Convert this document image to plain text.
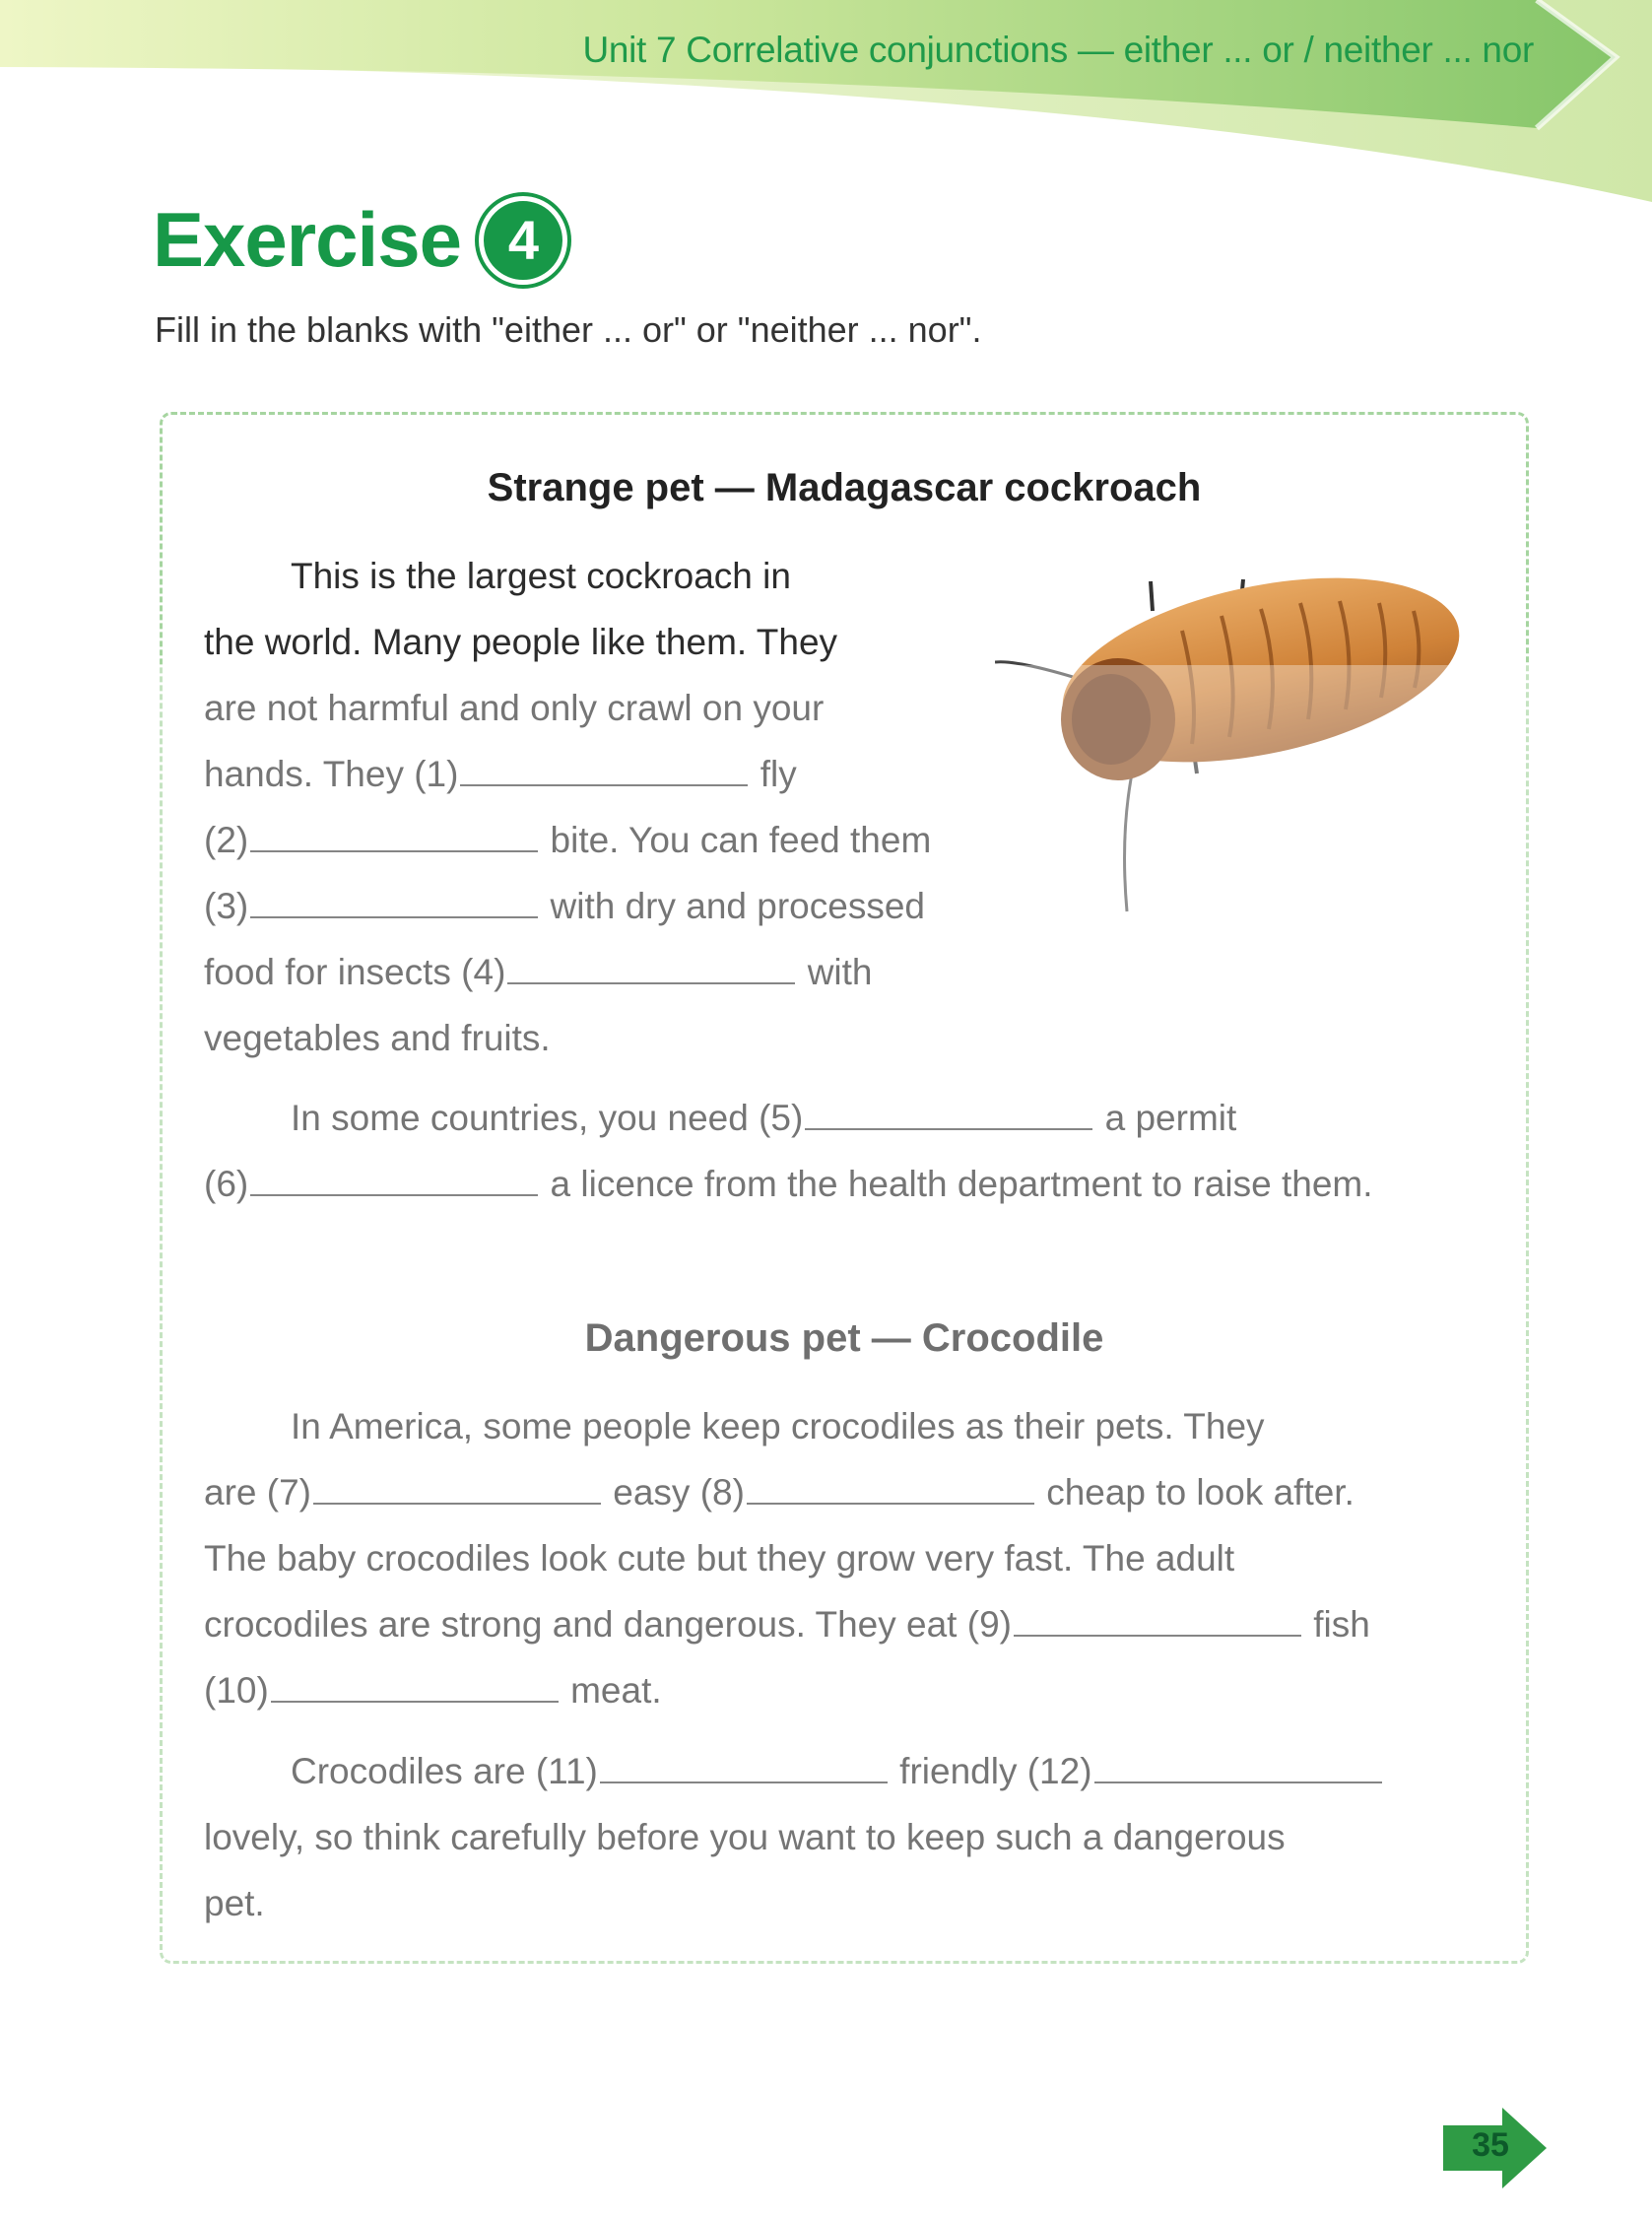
Unit 7 Correlative conjunctions — either ... or / neither ... nor
Exercise 4
Fill in the blanks with "either ... or" or "neither ... nor".
Strange pet — Madagascar cockroach
This is the largest cockroach in
the world. Many people like them. They
are not harmful and only crawl on your
hands. They (1)	fly
(2)	bite. You can feed them
(3)	with dry and processed
food for insects (4)	with
vegetables and fruits.
In some countries, you need (5)	a permit
(6)	a licence from the health department to raise them.
Dangerous pet — Crocodile
In America, some people keep crocodiles as their pets. They
are (7)	easy (8)	cheap to look after.
The baby crocodiles look cute but they grow very fast. The adult
crocodiles are strong and dangerous. They eat (9)	fish
(10)	meat.
Crocodiles are (11)	friendly (12)
lovely, so think carefully before you want to keep such a dangerous
pet.
35
